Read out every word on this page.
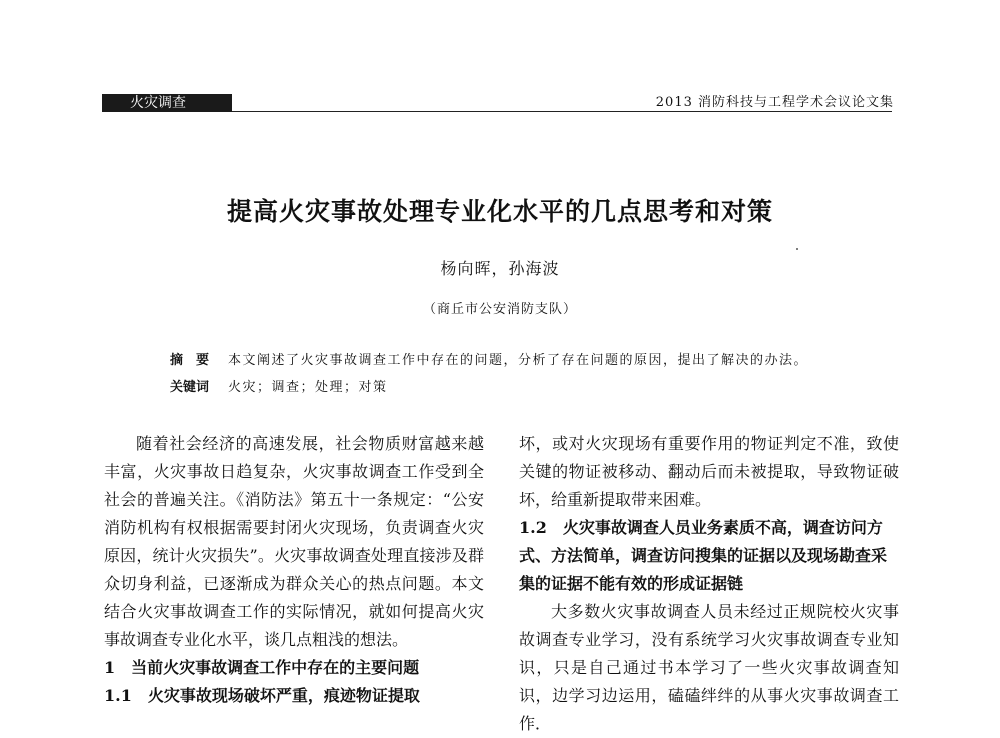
火灾调查	2013 消防科技与工程学术会议论文集
提高火灾事故处理专业化水平的几点思考和对策
杨向晖，孙海波
（商丘市公安消防支队）
摘　要 本文阐述了火灾事故调查工作中存在的问题，分析了存在问题的原因，提出了解决的办法。
关键词 火灾；调查；处理；对策

随着社会经济的高速发展，社会物质财富越来越丰富，火灾事故日趋复杂，火灾事故调查工作受到全社会的普遍关注。《消防法》第五十一条规定：“公安消防机构有权根据需要封闭火灾现场，负责调查火灾原因，统计火灾损失”。火灾事故调查处理直接涉及群众切身利益，已逐渐成为群众关心的热点问题。本文结合火灾事故调查工作的实际情况，就如何提高火灾事故调查专业化水平，谈几点粗浅的想法。

1　当前火灾事故调查工作中存在的主要问题

1.1　火灾事故现场破坏严重，痕迹物证提取

坏，或对火灾现场有重要作用的物证判定不准，致使关键的物证被移动、翻动后而未被提取，导致物证破坏，给重新提取带来困难。

1.2　火灾事故调查人员业务素质不高，调查访问方式、方法简单，调查访问搜集的证据以及现场勘查采集的证据不能有效的形成证据链

大多数火灾事故调查人员未经过正规院校火灾事故调查专业学习，没有系统学习火灾事故调查专业知识，只是自己通过书本学习了一些火灾事故调查知识，边学习边运用，磕磕绊绊的从事火灾事故调查工作．
